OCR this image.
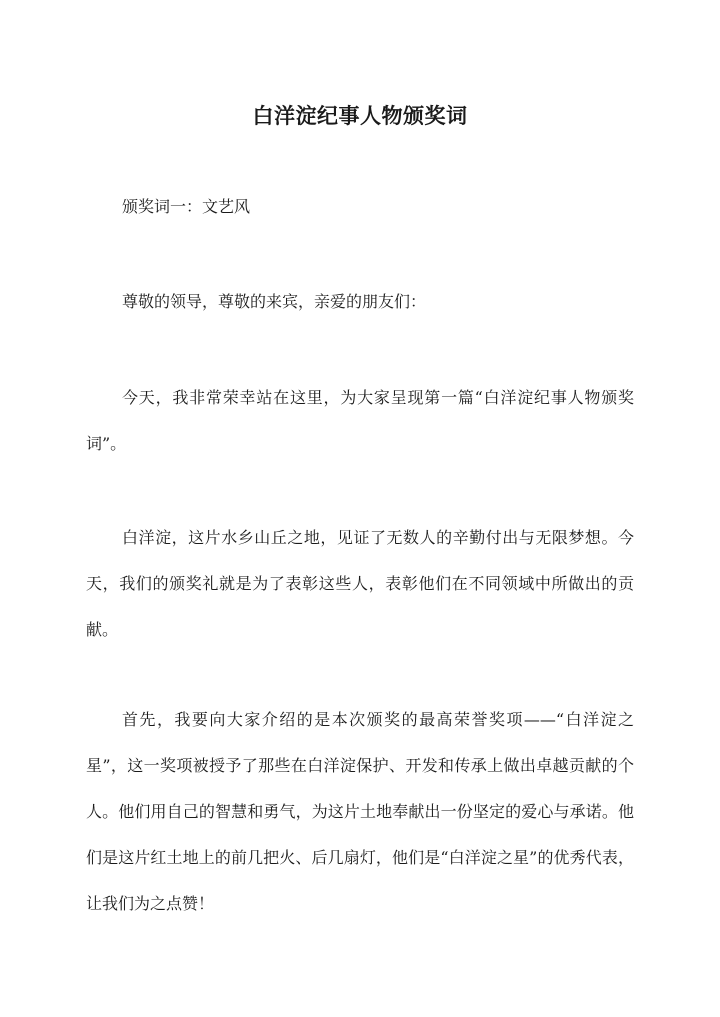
白洋淀纪事人物颁奖词

颁奖词一：文艺风

尊敬的领导，尊敬的来宾，亲爱的朋友们：

今天，我非常荣幸站在这里，为大家呈现第一篇“白洋淀纪事人物颁奖词”。

白洋淀，这片水乡山丘之地，见证了无数人的辛勤付出与无限梦想。今天，我们的颁奖礼就是为了表彰这些人，表彰他们在不同领域中所做出的贡献。

首先，我要向大家介绍的是本次颁奖的最高荣誉奖项——“白洋淀之星”，这一奖项被授予了那些在白洋淀保护、开发和传承上做出卓越贡献的个人。他们用自己的智慧和勇气，为这片土地奉献出一份坚定的爱心与承诺。他们是这片红土地上的前几把火、后几扇灯，他们是“白洋淀之星”的优秀代表，让我们为之点赞！
